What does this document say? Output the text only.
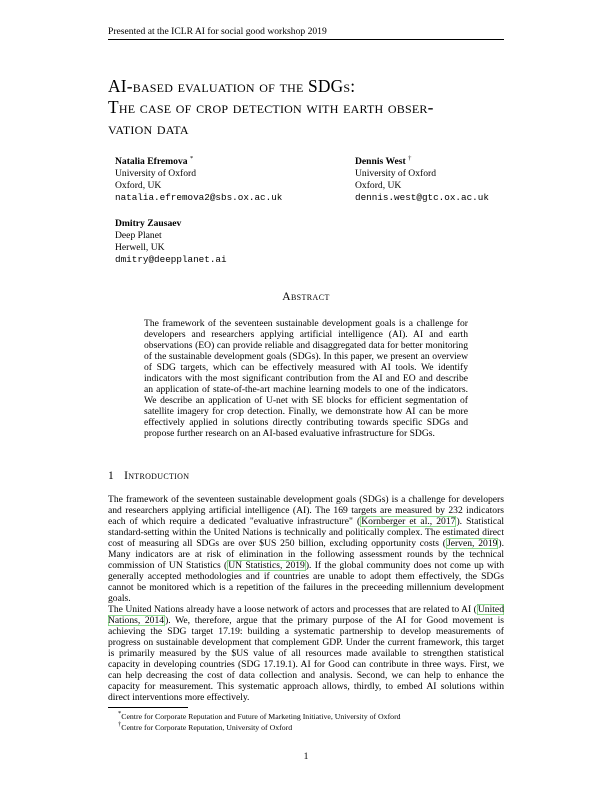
Presented at the ICLR AI for social good workshop 2019
AI-based evaluation of the SDGs:
The case of crop detection with earth obser-
vation data
Natalia Efremova *
University of Oxford
Oxford, UK
natalia.efremova2@sbs.ox.ac.uk
Dennis West †
University of Oxford
Oxford, UK
dennis.west@gtc.ox.ac.uk
Dmitry Zausaev
Deep Planet
Herwell, UK
dmitry@deepplanet.ai
Abstract
The framework of the seventeen sustainable development goals is a challenge for developers and researchers applying artificial intelligence (AI). AI and earth observations (EO) can provide reliable and disaggregated data for better monitoring of the sustainable development goals (SDGs). In this paper, we present an overview of SDG targets, which can be effectively measured with AI tools. We identify indicators with the most significant contribution from the AI and EO and describe an application of state-of-the-art machine learning models to one of the indicators. We describe an application of U-net with SE blocks for efficient segmentation of satellite imagery for crop detection. Finally, we demonstrate how AI can be more effectively applied in solutions directly contributing towards specific SDGs and propose further research on an AI-based evaluative infrastructure for SDGs.
1 Introduction

The framework of the seventeen sustainable development goals (SDGs) is a challenge for developers and researchers applying artificial intelligence (AI). The 169 targets are measured by 232 indicators each of which require a dedicated "evaluative infrastructure" (Kornberger et al., 2017). Statistical standard-setting within the United Nations is technically and politically complex. The estimated direct cost of measuring all SDGs are over $US 250 billion, excluding opportunity costs (Jerven, 2019). Many indicators are at risk of elimination in the following assessment rounds by the technical commission of UN Statistics (UN Statistics, 2019). If the global community does not come up with generally accepted methodologies and if countries are unable to adopt them effectively, the SDGs cannot be monitored which is a repetition of the failures in the preceeding millennium development goals.

The United Nations already have a loose network of actors and processes that are related to AI (United Nations, 2014). We, therefore, argue that the primary purpose of the AI for Good movement is achieving the SDG target 17.19: building a systematic partnership to develop measurements of progress on sustainable development that complement GDP. Under the current framework, this target is primarily measured by the $US value of all resources made available to strengthen statistical capacity in developing countries (SDG 17.19.1). AI for Good can contribute in three ways. First, we can help decreasing the cost of data collection and analysis. Second, we can help to enhance the capacity for measurement. This systematic approach allows, thirdly, to embed AI solutions within direct interventions more effectively.

*Centre for Corporate Reputation and Future of Marketing Initiative, University of Oxford
†Centre for Corporate Reputation, University of Oxford
1
